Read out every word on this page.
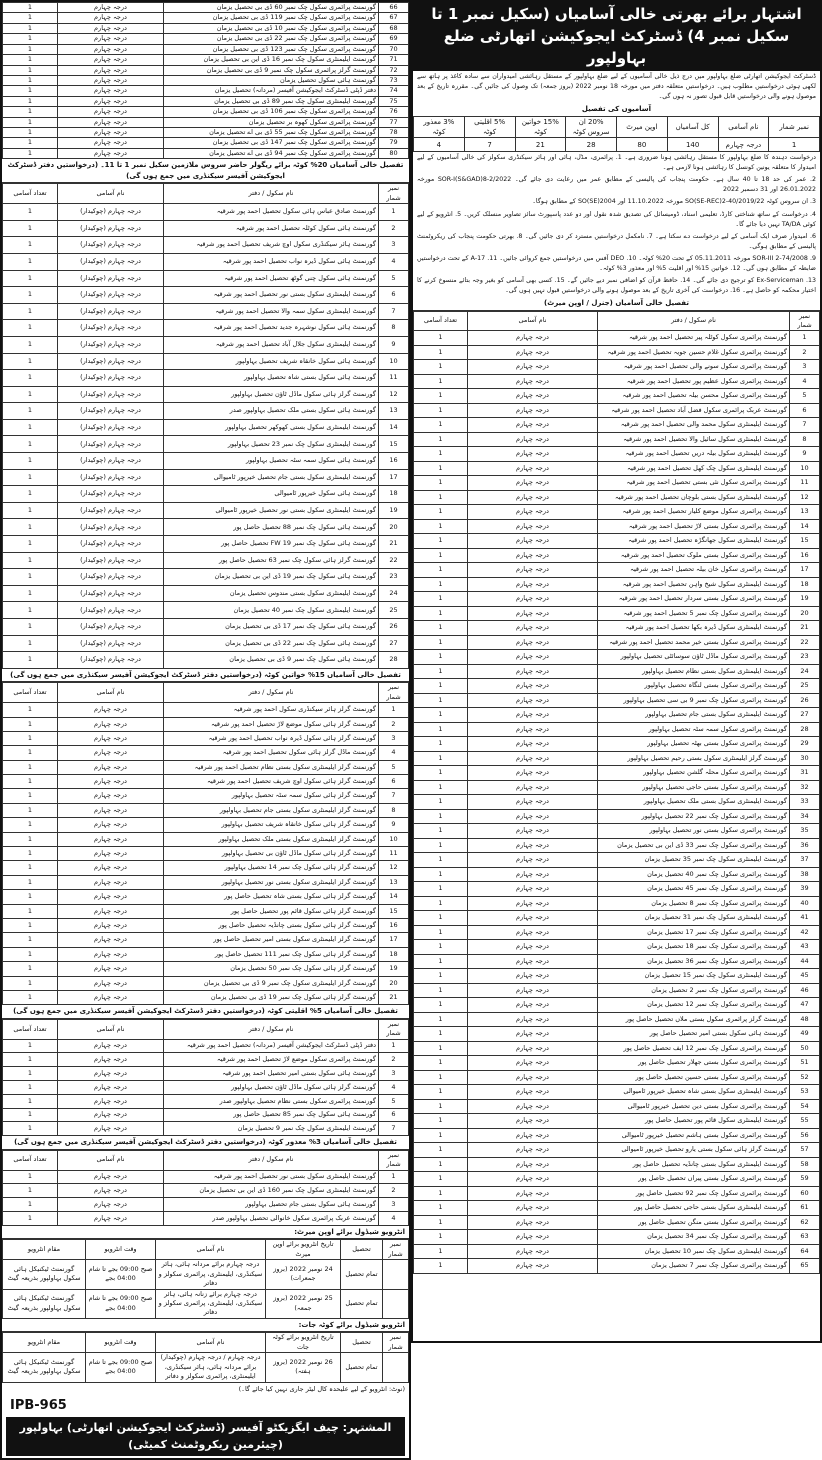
66	گورنمنٹ پرائمری سکول چک نمبر 60 ڈی بی تحصیل یزمان	درجہ چہارم	1
67	گورنمنٹ پرائمری سکول چک نمبر 119 ڈی بی تحصیل یزمان	درجہ چہارم	1
68	گورنمنٹ پرائمری سکول چک نمبر 10 ڈی بی تحصیل یزمان	درجہ چہارم	1
69	گورنمنٹ پرائمری سکول چک نمبر 22 ڈی بی تحصیل یزمان	درجہ چہارم	1
70	گورنمنٹ پرائمری سکول چک نمبر 123 ڈی بی تحصیل یزمان	درجہ چہارم	1
71	گورنمنٹ ایلیمنٹری سکول چک نمبر 16 ڈی این بی تحصیل یزمان	درجہ چہارم	1
72	گورنمنٹ گرلز پرائمری سکول چک نمبر 9 ڈی بی تحصیل یزمان	درجہ چہارم	1
73	گورنمنٹ ہائی سکول تحصیل یزمان	درجہ چہارم	1
74	دفتر ڈپٹی ڈسٹرکٹ ایجوکیشن آفیسر (مردانہ) تحصیل یزمان	درجہ چہارم	1
75	گورنمنٹ ایلیمنٹری سکول چک نمبر 89 ڈی بی تحصیل یزمان	درجہ چہارم	1
76	گورنمنٹ پرائمری سکول چک نمبر 106 ڈی بی تحصیل یزمان	درجہ چہارم	1
77	گورنمنٹ پرائمری سکول کھوہ بر تحصیل یزمان	درجہ چہارم	1
78	گورنمنٹ پرائمری سکول چک نمبر 55 ڈی بی اے تحصیل یزمان	درجہ چہارم	1
79	گورنمنٹ پرائمری سکول چک نمبر 147 ڈی بی تحصیل یزمان	درجہ چہارم	1
80	گورنمنٹ پرائمری سکول چک نمبر 94 ڈی بی اے تحصیل یزمان	درجہ چہارم	1
تفصیل خالی آسامیاں 20% کوٹہ برائے ریگولر حاضر سروس ملازمین سکیل نمبر 1 تا 11۔ (درخواستیں دفتر ڈسٹرکٹ ایجوکیشن آفیسر سیکنڈری میں جمع ہوں گی)
نمبر شمار	نام سکول / دفتر	نام آسامی	تعداد آسامی
1	گورنمنٹ صادق عباس ہائی سکول تحصیل احمد پور شرقیہ	درجہ چہارم (چوکیدار)	1
2	گورنمنٹ ہائی سکول کوٹلہ تحصیل احمد پور شرقیہ	درجہ چہارم (چوکیدار)	1
3	گورنمنٹ ہائر سیکنڈری سکول اوچ شریف تحصیل احمد پور شرقیہ	درجہ چہارم (چوکیدار)	1
4	گورنمنٹ ہائی سکول ڈیرہ نواب تحصیل احمد پور شرقیہ	درجہ چہارم (چوکیدار)	1
5	گورنمنٹ ہائی سکول چنی گوٹھ تحصیل احمد پور شرقیہ	درجہ چہارم (چوکیدار)	1
6	گورنمنٹ ایلیمنٹری سکول بستی نور تحصیل احمد پور شرقیہ	درجہ چہارم (چوکیدار)	1
7	گورنمنٹ ایلیمنٹری سکول سمہ والا تحصیل احمد پور شرقیہ	درجہ چہارم (چوکیدار)	1
8	گورنمنٹ ہائی سکول نوشہرہ جدید تحصیل احمد پور شرقیہ	درجہ چہارم (چوکیدار)	1
9	گورنمنٹ ایلیمنٹری سکول جلال آباد تحصیل احمد پور شرقیہ	درجہ چہارم (چوکیدار)	1
10	گورنمنٹ ہائی سکول خانقاہ شریف تحصیل بہاولپور	درجہ چہارم (چوکیدار)	1
11	گورنمنٹ ہائی سکول بستی شاہ تحصیل بہاولپور	درجہ چہارم (چوکیدار)	1
12	گورنمنٹ گرلز ہائی سکول ماڈل ٹاؤن تحصیل بہاولپور	درجہ چہارم (چوکیدار)	1
13	گورنمنٹ ہائی سکول بستی ملک تحصیل بہاولپور صدر	درجہ چہارم (چوکیدار)	1
14	گورنمنٹ ایلیمنٹری سکول بستی کھوکھر تحصیل بہاولپور	درجہ چہارم (چوکیدار)	1
15	گورنمنٹ ایلیمنٹری سکول چک نمبر 23 تحصیل بہاولپور	درجہ چہارم (چوکیدار)	1
16	گورنمنٹ ہائی سکول سمہ سٹہ تحصیل بہاولپور	درجہ چہارم (چوکیدار)	1
17	گورنمنٹ ایلیمنٹری سکول بستی جام تحصیل خیرپور ٹامیوالی	درجہ چہارم (چوکیدار)	1
18	گورنمنٹ ہائی سکول خیرپور ٹامیوالی	درجہ چہارم (چوکیدار)	1
19	گورنمنٹ ایلیمنٹری سکول بستی نور تحصیل خیرپور ٹامیوالی	درجہ چہارم (چوکیدار)	1
20	گورنمنٹ ہائی سکول چک نمبر 88 تحصیل حاصل پور	درجہ چہارم (چوکیدار)	1
21	گورنمنٹ ہائی سکول چک نمبر 19 FW تحصیل حاصل پور	درجہ چہارم (چوکیدار)	1
22	گورنمنٹ گرلز ہائی سکول چک نمبر 63 تحصیل حاصل پور	درجہ چہارم (چوکیدار)	1
23	گورنمنٹ ہائی سکول چک نمبر 19 ڈی این بی تحصیل یزمان	درجہ چہارم (چوکیدار)	1
24	گورنمنٹ ایلیمنٹری سکول بستی مندوس تحصیل یزمان	درجہ چہارم (چوکیدار)	1
25	گورنمنٹ ایلیمنٹری سکول چک نمبر 40 تحصیل یزمان	درجہ چہارم (چوکیدار)	1
26	گورنمنٹ ہائی سکول چک نمبر 17 ڈی بی تحصیل یزمان	درجہ چہارم (چوکیدار)	1
27	گورنمنٹ ہائی سکول چک نمبر 22 ڈی بی تحصیل یزمان	درجہ چہارم (چوکیدار)	1
28	گورنمنٹ ہائی سکول چک نمبر 9 ڈی بی تحصیل یزمان	درجہ چہارم (چوکیدار)	1
تفصیل خالی آسامیاں 15% خواتین کوٹہ (درخواستیں دفتر ڈسٹرکٹ ایجوکیشن آفیسر سیکنڈری میں جمع ہوں گی)
نمبر شمار	نام سکول / دفتر	نام آسامی	تعداد آسامی
1	گورنمنٹ گرلز ہائر سیکنڈری سکول احمد پور شرقیہ	درجہ چہارم	1
2	گورنمنٹ گرلز ہائی سکول موضع لاڑ تحصیل احمد پور شرقیہ	درجہ چہارم	1
3	گورنمنٹ گرلز ہائی سکول ڈیرہ نواب تحصیل احمد پور شرقیہ	درجہ چہارم	1
4	گورنمنٹ ماڈل گرلز ہائی سکول تحصیل احمد پور شرقیہ	درجہ چہارم	1
5	گورنمنٹ گرلز ایلیمنٹری سکول بستی نظام تحصیل احمد پور شرقیہ	درجہ چہارم	1
6	گورنمنٹ گرلز ہائی سکول اوچ شریف تحصیل احمد پور شرقیہ	درجہ چہارم	1
7	گورنمنٹ گرلز ہائی سکول سمہ سٹہ تحصیل بہاولپور	درجہ چہارم	1
8	گورنمنٹ گرلز ایلیمنٹری سکول بستی جام تحصیل بہاولپور	درجہ چہارم	1
9	گورنمنٹ گرلز ہائی سکول خانقاہ شریف تحصیل بہاولپور	درجہ چہارم	1
10	گورنمنٹ گرلز ایلیمنٹری سکول بستی ملک تحصیل بہاولپور	درجہ چہارم	1
11	گورنمنٹ گرلز ہائی سکول ماڈل ٹاؤن بی تحصیل بہاولپور	درجہ چہارم	1
12	گورنمنٹ گرلز ہائی سکول چک نمبر 14 تحصیل بہاولپور	درجہ چہارم	1
13	گورنمنٹ گرلز ایلیمنٹری سکول بستی نور تحصیل بہاولپور	درجہ چہارم	1
14	گورنمنٹ گرلز ہائی سکول بستی شاہ تحصیل حاصل پور	درجہ چہارم	1
15	گورنمنٹ گرلز ہائی سکول قائم پور تحصیل حاصل پور	درجہ چہارم	1
16	گورنمنٹ گرلز ہائی سکول بستی چانڈیہ تحصیل حاصل پور	درجہ چہارم	1
17	گورنمنٹ گرلز ایلیمنٹری سکول بستی امیر تحصیل حاصل پور	درجہ چہارم	1
18	گورنمنٹ گرلز ہائی سکول چک نمبر 111 تحصیل حاصل پور	درجہ چہارم	1
19	گورنمنٹ گرلز ہائی سکول چک نمبر 50 تحصیل یزمان	درجہ چہارم	1
20	گورنمنٹ گرلز ایلیمنٹری سکول چک نمبر 9 ڈی بی تحصیل یزمان	درجہ چہارم	1
21	گورنمنٹ گرلز ہائی سکول چک نمبر 19 ڈی بی تحصیل یزمان	درجہ چہارم	1
تفصیل خالی آسامیاں 5% اقلیتی کوٹہ (درخواستیں دفتر ڈسٹرکٹ ایجوکیشن آفیسر سیکنڈری میں جمع ہوں گی)
نمبر شمار	نام سکول / دفتر	نام آسامی	تعداد آسامی
1	دفتر ڈپٹی ڈسٹرکٹ ایجوکیشن آفیسر (مردانہ) تحصیل احمد پور شرقیہ	درجہ چہارم	1
2	گورنمنٹ پرائمری سکول موضع لاڑ تحصیل احمد پور شرقیہ	درجہ چہارم	1
3	گورنمنٹ ہائی سکول بستی امیر تحصیل احمد پور شرقیہ	درجہ چہارم	1
4	گورنمنٹ گرلز ہائی سکول ماڈل ٹاؤن تحصیل بہاولپور	درجہ چہارم	1
5	گورنمنٹ پرائمری سکول بستی نظام تحصیل بہاولپور صدر	درجہ چہارم	1
6	گورنمنٹ ہائی سکول چک نمبر 85 تحصیل حاصل پور	درجہ چہارم	1
7	گورنمنٹ ایلیمنٹری سکول چک نمبر 9 تحصیل یزمان	درجہ چہارم	1
تفصیل خالی آسامیاں 3% معذور کوٹہ (درخواستیں دفتر ڈسٹرکٹ ایجوکیشن آفیسر سیکنڈری میں جمع ہوں گی)
نمبر شمار	نام سکول / دفتر	نام آسامی	تعداد آسامی
1	گورنمنٹ ایلیمنٹری سکول بستی نور تحصیل احمد پور شرقیہ	درجہ چہارم	1
2	گورنمنٹ ایلیمنٹری سکول چک نمبر 160 ڈی این بی تحصیل یزمان	درجہ چہارم	1
3	گورنمنٹ ہائی سکول بستی جام تحصیل بہاولپور	درجہ چہارم	1
4	گورنمنٹ عربک پرائمری سکول خانوالی تحصیل بہاولپور صدر	درجہ چہارم	1
انٹرویو شیڈول برائے اوپن میرٹ:
نمبر شمار	تحصیل	تاریخ انٹرویو برائے اوپن میرٹ	نام آسامی	وقت انٹرویو	مقام انٹرویو
	تمام تحصیل	24 نومبر 2022 (بروز جمعرات)	درجہ چہارم برائے مردانہ ہائی، ہائر سیکنڈری، ایلیمنٹری، پرائمری سکولز و دفاتر	صبح 09:00 بجے تا شام 04:00 بجے	گورنمنٹ ٹیکنیکل ہائی سکول بہاولپور بذریعہ گیٹ
	تمام تحصیل	25 نومبر 2022 (بروز جمعہ)	درجہ چہارم برائے زنانہ ہائی، ہائر سیکنڈری، ایلیمنٹری، پرائمری سکولز و دفاتر	صبح 09:00 بجے تا شام 04:00 بجے	گورنمنٹ ٹیکنیکل ہائی سکول بہاولپور بذریعہ گیٹ
انٹرویو شیڈول برائے کوٹہ جات:
نمبر شمار	تحصیل	تاریخ انٹرویو برائے کوٹہ جات	نام آسامی	وقت انٹرویو	مقام انٹرویو
	تمام تحصیل	26 نومبر 2022 (بروز ہفتہ)	درجہ چہارم / درجہ چہارم (چوکیدار) برائے مردانہ ہائی، ہائر سیکنڈری، ایلیمنٹری، پرائمری سکولز و دفاتر	صبح 09:00 بجے تا شام 04:00 بجے	گورنمنٹ ٹیکنیکل ہائی سکول بہاولپور بذریعہ گیٹ
(نوٹ: انٹرویو کے لیے علیحدہ کال لیٹر جاری نہیں کیا جائے گا۔)
IPB-965
المشتہر: چیف ایگزیکٹو آفیسر (ڈسٹرکٹ ایجوکیشن اتھارٹی) بہاولپور (چیئرمین ریکروٹمنٹ کمیٹی)
اشتہار برائے بھرتی خالی آسامیاں (سکیل نمبر 1 تا سکیل نمبر 4) ڈسٹرکٹ ایجوکیشن اتھارٹی ضلع بہاولپور
ڈسٹرکٹ ایجوکیشن اتھارٹی ضلع بہاولپور میں درج ذیل خالی آسامیوں کے لیے ضلع بہاولپور کے مستقل رہائشی امیدواران سے سادہ کاغذ پر ہاتھ سے لکھی ہوئی درخواستیں مطلوب ہیں۔ درخواستیں متعلقہ دفتر میں مورخہ 18 نومبر 2022 (بروز جمعہ) تک وصول کی جائیں گی۔ مقررہ تاریخ کے بعد موصول ہونے والی درخواستیں قابل قبول تصور نہ ہوں گی۔
آسامیوں کی تفصیل
نمبر شمار	نام آسامی	کل آسامیاں	اوپن میرٹ	20% ان سروس کوٹہ	15% خواتین کوٹہ	5% اقلیتی کوٹہ	3% معذور کوٹہ
1	درجہ چہارم	140	80	28	21	7	4
درخواست دہندہ کا ضلع بہاولپور کا مستقل رہائشی ہونا ضروری ہے۔ 1. پرائمری، مڈل، ہائی اور ہائر سیکنڈری سکولز کی خالی آسامیوں کے لیے امیدوار کا متعلقہ یونین کونسل کا رہائشی ہونا لازمی ہے۔
2. عمر کی حد 18 تا 40 سال ہے۔ حکومت پنجاب کی پالیسی کے مطابق عمر میں رعایت دی جائے گی۔ SOR-I(S&GAD)8-2/2022 مورخہ 26.01.2022 اور 31 دسمبر 2022
3. ان سروس کوٹہ SO(SE-REC)2-40/2019/22 مورخہ 11.10.2022 اور SO(SE)2004 کے مطابق ہوگا۔
4. درخواست کے ساتھ شناختی کارڈ، تعلیمی اسناد، ڈومیسائل کی تصدیق شدہ نقول اور دو عدد پاسپورٹ سائز تصاویر منسلک کریں۔ 5. انٹرویو کے لیے کوئی TA/DA نہیں دیا جائے گا۔
6. امیدوار صرف ایک آسامی کے لیے درخواست دے سکتا ہے۔ 7. نامکمل درخواستیں مسترد کر دی جائیں گی۔ 8. بھرتی حکومت پنجاب کی ریکروٹمنٹ پالیسی کے مطابق ہوگی۔
9. SOR-III 2-74/2008 مورخہ 05.11.2011 کے تحت 20% کوٹہ۔ 10. DEO آفس میں درخواستیں جمع کروائی جائیں۔ 11. 17-A کے تحت درخواستیں ضابطہ کے مطابق ہوں گی۔ 12. خواتین 15% اور اقلیت 5% اور معذور 3% کوٹہ۔
13. Ex-Serviceman کو ترجیح دی جائے گی۔ 14. حافظ قرآن کو اضافی نمبر دیے جائیں گے۔ 15. کسی بھی آسامی کو بغیر وجہ بتائے منسوخ کرنے کا اختیار محکمہ کو حاصل ہے۔ 16. درخواست کی آخری تاریخ کے بعد موصول ہونے والی درخواستیں قبول نہیں ہوں گی۔
تفصیل خالی آسامیاں (جنرل / اوپن میرٹ)
نمبر شمار	نام سکول / دفتر	نام آسامی	تعداد آسامی
1	گورنمنٹ پرائمری سکول کوٹلہ پیر تحصیل احمد پور شرقیہ	درجہ چہارم	1
2	گورنمنٹ پرائمری سکول غلام حسین جویہ تحصیل احمد پور شرقیہ	درجہ چہارم	1
3	گورنمنٹ پرائمری سکول سونے والی تحصیل احمد پور شرقیہ	درجہ چہارم	1
4	گورنمنٹ پرائمری سکول عظیم پور تحصیل احمد پور شرقیہ	درجہ چہارم	1
5	گورنمنٹ پرائمری سکول محسن بیلہ تحصیل احمد پور شرقیہ	درجہ چہارم	1
6	گورنمنٹ عربک پرائمری سکول فضل آباد تحصیل احمد پور شرقیہ	درجہ چہارم	1
7	گورنمنٹ ایلیمنٹری سکول محمد والی تحصیل احمد پور شرقیہ	درجہ چہارم	1
8	گورنمنٹ ایلیمنٹری سکول سائیل والا تحصیل احمد پور شرقیہ	درجہ چہارم	1
9	گورنمنٹ ایلیمنٹری سکول بیلہ دریں تحصیل احمد پور شرقیہ	درجہ چہارم	1
10	گورنمنٹ ایلیمنٹری سکول چک کھل تحصیل احمد پور شرقیہ	درجہ چہارم	1
11	گورنمنٹ پرائمری سکول نئی بستی تحصیل احمد پور شرقیہ	درجہ چہارم	1
12	گورنمنٹ ایلیمنٹری سکول بستی بلوچاں تحصیل احمد پور شرقیہ	درجہ چہارم	1
13	گورنمنٹ پرائمری سکول موضع کلیار تحصیل احمد پور شرقیہ	درجہ چہارم	1
14	گورنمنٹ پرائمری سکول بستی لاڑ تحصیل احمد پور شرقیہ	درجہ چہارم	1
15	گورنمنٹ ایلیمنٹری سکول جھانگڑہ تحصیل احمد پور شرقیہ	درجہ چہارم	1
16	گورنمنٹ پرائمری سکول بستی ملوک تحصیل احمد پور شرقیہ	درجہ چہارم	1
17	گورنمنٹ پرائمری سکول خان بیلہ تحصیل احمد پور شرقیہ	درجہ چہارم	1
18	گورنمنٹ ایلیمنٹری سکول شیخ واہن تحصیل احمد پور شرقیہ	درجہ چہارم	1
19	گورنمنٹ پرائمری سکول بستی سردار تحصیل احمد پور شرقیہ	درجہ چہارم	1
20	گورنمنٹ پرائمری سکول چک نمبر 5 تحصیل احمد پور شرقیہ	درجہ چہارم	1
21	گورنمنٹ ایلیمنٹری سکول ڈیرہ بکھا تحصیل احمد پور شرقیہ	درجہ چہارم	1
22	گورنمنٹ پرائمری سکول بستی خیر محمد تحصیل احمد پور شرقیہ	درجہ چہارم	1
23	گورنمنٹ پرائمری سکول ماڈل ٹاؤن سوسائٹی تحصیل بہاولپور	درجہ چہارم	1
24	گورنمنٹ ایلیمنٹری سکول بستی نظام تحصیل بہاولپور	درجہ چہارم	1
25	گورنمنٹ پرائمری سکول بستی لنگاہ تحصیل بہاولپور	درجہ چہارم	1
26	گورنمنٹ پرائمری سکول چک نمبر 9 بی سی تحصیل بہاولپور	درجہ چہارم	1
27	گورنمنٹ ایلیمنٹری سکول بستی جام تحصیل بہاولپور	درجہ چہارم	1
28	گورنمنٹ پرائمری سکول سمہ سٹہ تحصیل بہاولپور	درجہ چہارم	1
29	گورنمنٹ پرائمری سکول بستی بھٹہ تحصیل بہاولپور	درجہ چہارم	1
30	گورنمنٹ گرلز ایلیمنٹری سکول بستی رحیم تحصیل بہاولپور	درجہ چہارم	1
31	گورنمنٹ پرائمری سکول محلہ گلشن تحصیل بہاولپور	درجہ چہارم	1
32	گورنمنٹ پرائمری سکول بستی حاجی تحصیل بہاولپور	درجہ چہارم	1
33	گورنمنٹ ایلیمنٹری سکول بستی ملک تحصیل بہاولپور	درجہ چہارم	1
34	گورنمنٹ پرائمری سکول چک نمبر 22 تحصیل بہاولپور	درجہ چہارم	1
35	گورنمنٹ پرائمری سکول بستی نور تحصیل بہاولپور	درجہ چہارم	1
36	گورنمنٹ پرائمری سکول چک نمبر 33 ڈی این بی تحصیل یزمان	درجہ چہارم	1
37	گورنمنٹ ایلیمنٹری سکول چک نمبر 35 تحصیل یزمان	درجہ چہارم	1
38	گورنمنٹ پرائمری سکول چک نمبر 40 تحصیل یزمان	درجہ چہارم	1
39	گورنمنٹ پرائمری سکول چک نمبر 45 تحصیل یزمان	درجہ چہارم	1
40	گورنمنٹ پرائمری سکول چک نمبر 8 تحصیل یزمان	درجہ چہارم	1
41	گورنمنٹ ایلیمنٹری سکول چک نمبر 31 تحصیل یزمان	درجہ چہارم	1
42	گورنمنٹ پرائمری سکول چک نمبر 17 تحصیل یزمان	درجہ چہارم	1
43	گورنمنٹ پرائمری سکول چک نمبر 18 تحصیل یزمان	درجہ چہارم	1
44	گورنمنٹ پرائمری سکول چک نمبر 36 تحصیل یزمان	درجہ چہارم	1
45	گورنمنٹ ایلیمنٹری سکول چک نمبر 15 تحصیل یزمان	درجہ چہارم	1
46	گورنمنٹ پرائمری سکول چک نمبر 2 تحصیل یزمان	درجہ چہارم	1
47	گورنمنٹ پرائمری سکول چک نمبر 12 تحصیل یزمان	درجہ چہارم	1
48	گورنمنٹ گرلز پرائمری سکول بستی ملاں تحصیل حاصل پور	درجہ چہارم	1
49	گورنمنٹ ہائی سکول بستی امیر تحصیل حاصل پور	درجہ چہارم	1
50	گورنمنٹ پرائمری سکول چک نمبر 12 ایف تحصیل حاصل پور	درجہ چہارم	1
51	گورنمنٹ پرائمری سکول بستی جھلار تحصیل حاصل پور	درجہ چہارم	1
52	گورنمنٹ پرائمری سکول بستی حسین تحصیل حاصل پور	درجہ چہارم	1
53	گورنمنٹ ایلیمنٹری سکول بستی شاہ تحصیل خیرپور ٹامیوالی	درجہ چہارم	1
54	گورنمنٹ پرائمری سکول بستی دین تحصیل خیرپور ٹامیوالی	درجہ چہارم	1
55	گورنمنٹ ایلیمنٹری سکول قائم پور تحصیل حاصل پور	درجہ چہارم	1
56	گورنمنٹ پرائمری سکول بستی ہاشم تحصیل خیرپور ٹامیوالی	درجہ چہارم	1
57	گورنمنٹ گرلز ہائی سکول بستی یارو تحصیل خیرپور ٹامیوالی	درجہ چہارم	1
58	گورنمنٹ ایلیمنٹری سکول بستی چانڈیہ تحصیل حاصل پور	درجہ چہارم	1
59	گورنمنٹ پرائمری سکول بستی پیراں تحصیل حاصل پور	درجہ چہارم	1
60	گورنمنٹ پرائمری سکول چک نمبر 92 تحصیل حاصل پور	درجہ چہارم	1
61	گورنمنٹ ایلیمنٹری سکول بستی حاجی تحصیل حاصل پور	درجہ چہارم	1
62	گورنمنٹ پرائمری سکول بستی منگن تحصیل حاصل پور	درجہ چہارم	1
63	گورنمنٹ پرائمری سکول چک نمبر 34 تحصیل یزمان	درجہ چہارم	1
64	گورنمنٹ ایلیمنٹری سکول چک نمبر 10 تحصیل یزمان	درجہ چہارم	1
65	گورنمنٹ پرائمری سکول چک نمبر 7 تحصیل یزمان	درجہ چہارم	1
